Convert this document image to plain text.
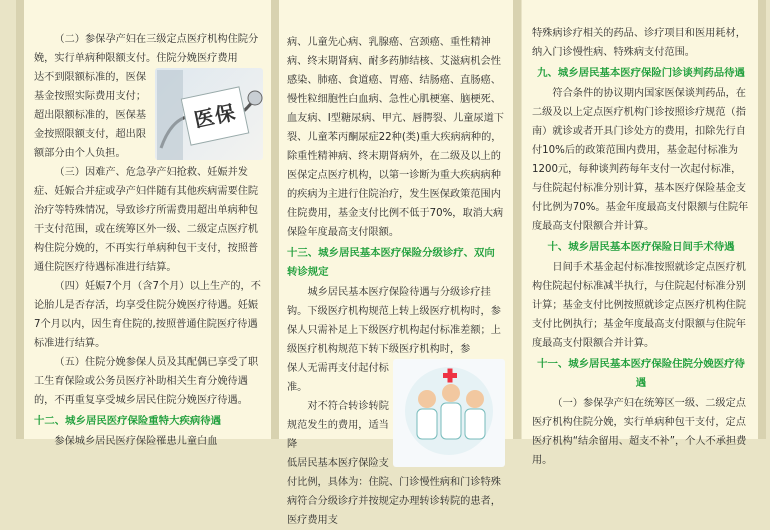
（二）参保孕产妇在三级定点医疗机构住院分娩，实行单病种限额支付。住院分娩医疗费用

医保

达不到限额标准的，医保基金按照实际费用支付；超出限额标准的，医保基金按照限额支付，超出限额部分由个人负担。

（三）因难产、危急孕产妇抢救、妊娠并发症、妊娠合并症或孕产妇伴随有其他疾病需要住院治疗等特殊情况，导致诊疗所需费用超出单病种包干支付范围，或在统筹区外一级、二级定点医疗机构住院分娩的，不再实行单病种包干支付，按照普通住院医疗待遇标准进行结算。

（四）妊娠7个月（含7个月）以上生产的，不论胎儿是否存活，均享受住院分娩医疗待遇。妊娠7个月以内，因生育住院的,按照普通住院医疗待遇标准进行结算。

（五）住院分娩参保人员及其配偶已享受了职工生育保险或公务员医疗补助相关生育分娩待遇的，不再重复享受城乡居民住院分娩医疗待遇。

十二、城乡居民医疗保险重特大疾病待遇

参保城乡居民医疗保险罹患儿童白血

病、儿童先心病、乳腺癌、宫颈癌、重性精神病、终末期肾病、耐多药肺结核、艾滋病机会性感染、肺癌、食道癌、胃癌、结肠癌、直肠癌、慢性粒细胞性白血病、急性心肌梗塞、脑梗死、血友病、I型糖尿病、甲亢、唇腭裂、儿童尿道下裂、儿童苯丙酮尿症22种(类)重大疾病病种的，除重性精神病、终末期肾病外，在二级及以上的医保定点医疗机构，以第一诊断为重大疾病病种的疾病为主进行住院治疗，发生医保政策范围内住院费用，基金支付比例不低于70%，取消大病保险年度最高支付限额。

十三、城乡居民基本医疗保险分级诊疗、双向转诊规定

城乡居民基本医疗保险待遇与分级诊疗挂钩。下级医疗机构规范上转上级医疗机构时，参保人只需补足上下级医疗机构起付标准差额；上级医疗机构规范下转下级医疗机构时，参

保人无需再支付起付标准。

对不符合转诊转院规范发生的费用，适当降

低居民基本医疗保险支付比例，具体为：住院、门诊慢性病和门诊特殊病符合分级诊疗并按规定办理转诊转院的患者，医疗费用支

特殊病诊疗相关的药品、诊疗项目和医用耗材，纳入门诊慢性病、特殊病支付范围。

九、城乡居民基本医疗保险门诊谈判药品待遇

符合条件的协议期内国家医保谈判药品，在二级及以上定点医疗机构门诊按照诊疗规范（指南）就诊或者开具门诊处方的费用，扣除先行自付10%后的政策范围内费用，基金起付标准为1200元，每种谈判药每年支付一次起付标准，与住院起付标准分别计算，基本医疗保险基金支付比例为70%。基金年度最高支付限额与住院年度最高支付限额合并计算。

十、城乡居民基本医疗保险日间手术待遇

日间手术基金起付标准按照就诊定点医疗机构住院起付标准减半执行，与住院起付标准分别计算；基金支付比例按照就诊定点医疗机构住院支付比例执行；基金年度最高支付限额与住院年度最高支付限额合并计算。

十一、城乡居民基本医疗保险住院分娩医疗待遇

（一）参保孕产妇在统筹区一级、二级定点医疗机构住院分娩，实行单病种包干支付，定点医疗机构“结余留用、超支不补”，个人不承担费用。
